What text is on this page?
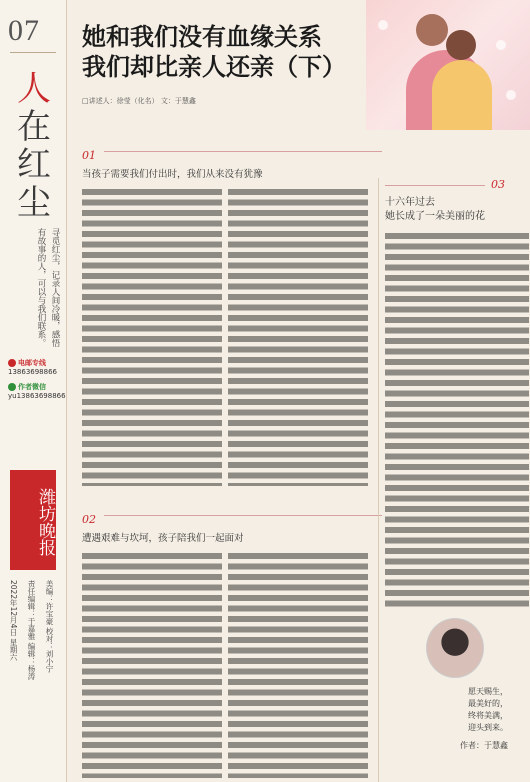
07
人
在
红
尘
寻觅红尘，记录人间冷暖，感悟有故事的人，可以与我们联系。
电邮专线
13863698866
作者微信
yu13863698866
潍坊晚报
2022年12月4日 星期六 责任编辑：于嘉雅 编辑：杨涛 美编：许宝豪 校对：刘小宁
她和我们没有血缘关系
我们却比亲人还亲（下）
□讲述人：徐莹（化名） 文：于慧鑫
01
当孩子需要我们付出时，我们从来没有犹豫
02
遭遇艰难与坎坷，孩子陪我们一起面对
03
十六年过去
她长成了一朵美丽的花
愿天赐生，
最美好的，
终将美满，
迎头到来。
作者：于慧鑫
